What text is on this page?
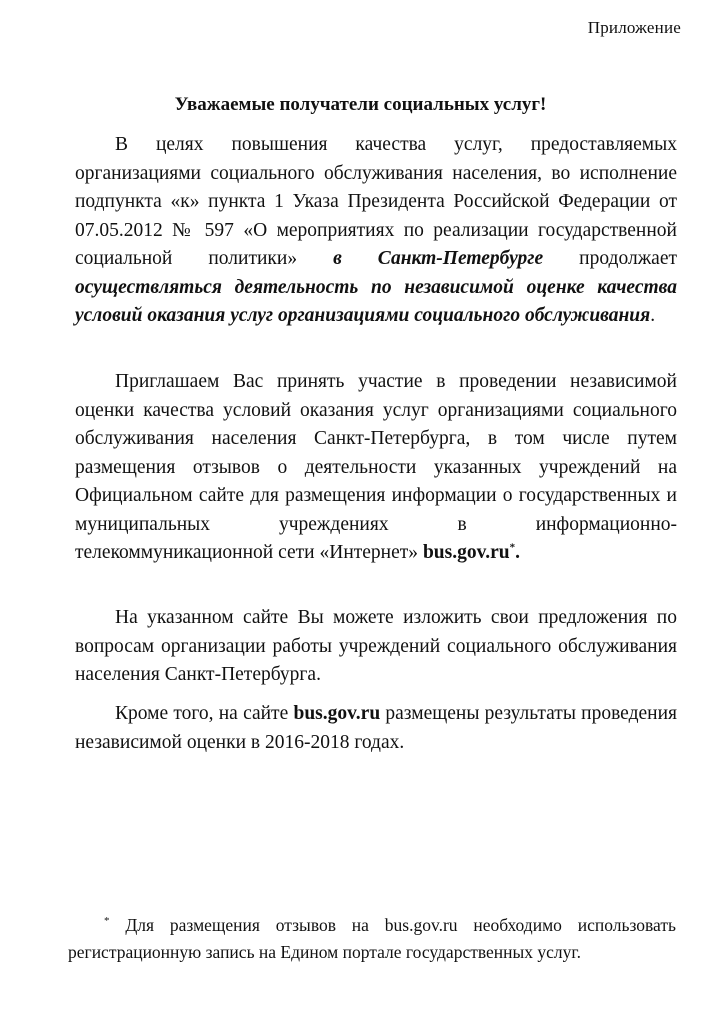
Приложение
Уважаемые получатели социальных услуг!

В целях повышения качества услуг, предоставляемых организациями социального обслуживания населения, во исполнение подпункта «к» пункта 1 Указа Президента Российской Федерации от 07.05.2012 № 597 «О мероприятиях по реализации государственной социальной политики» в Санкт-Петербурге продолжает осуществляться деятельность по независимой оценке качества условий оказания услуг организациями социального обслуживания.

Приглашаем Вас принять участие в проведении независимой оценки качества условий оказания услуг организациями социального обслуживания населения Санкт-Петербурга, в том числе путем размещения отзывов о деятельности указанных учреждений на Официальном сайте для размещения информации о государственных и муниципальных учреждениях в информационно-телекоммуникационной сети «Интернет» bus.gov.ru*.

На указанном сайте Вы можете изложить свои предложения по вопросам организации работы учреждений социального обслуживания населения Санкт-Петербурга.

Кроме того, на сайте bus.gov.ru размещены результаты проведения независимой оценки в 2016-2018 годах.

* Для размещения отзывов на bus.gov.ru необходимо использовать регистрационную запись на Едином портале государственных услуг.
